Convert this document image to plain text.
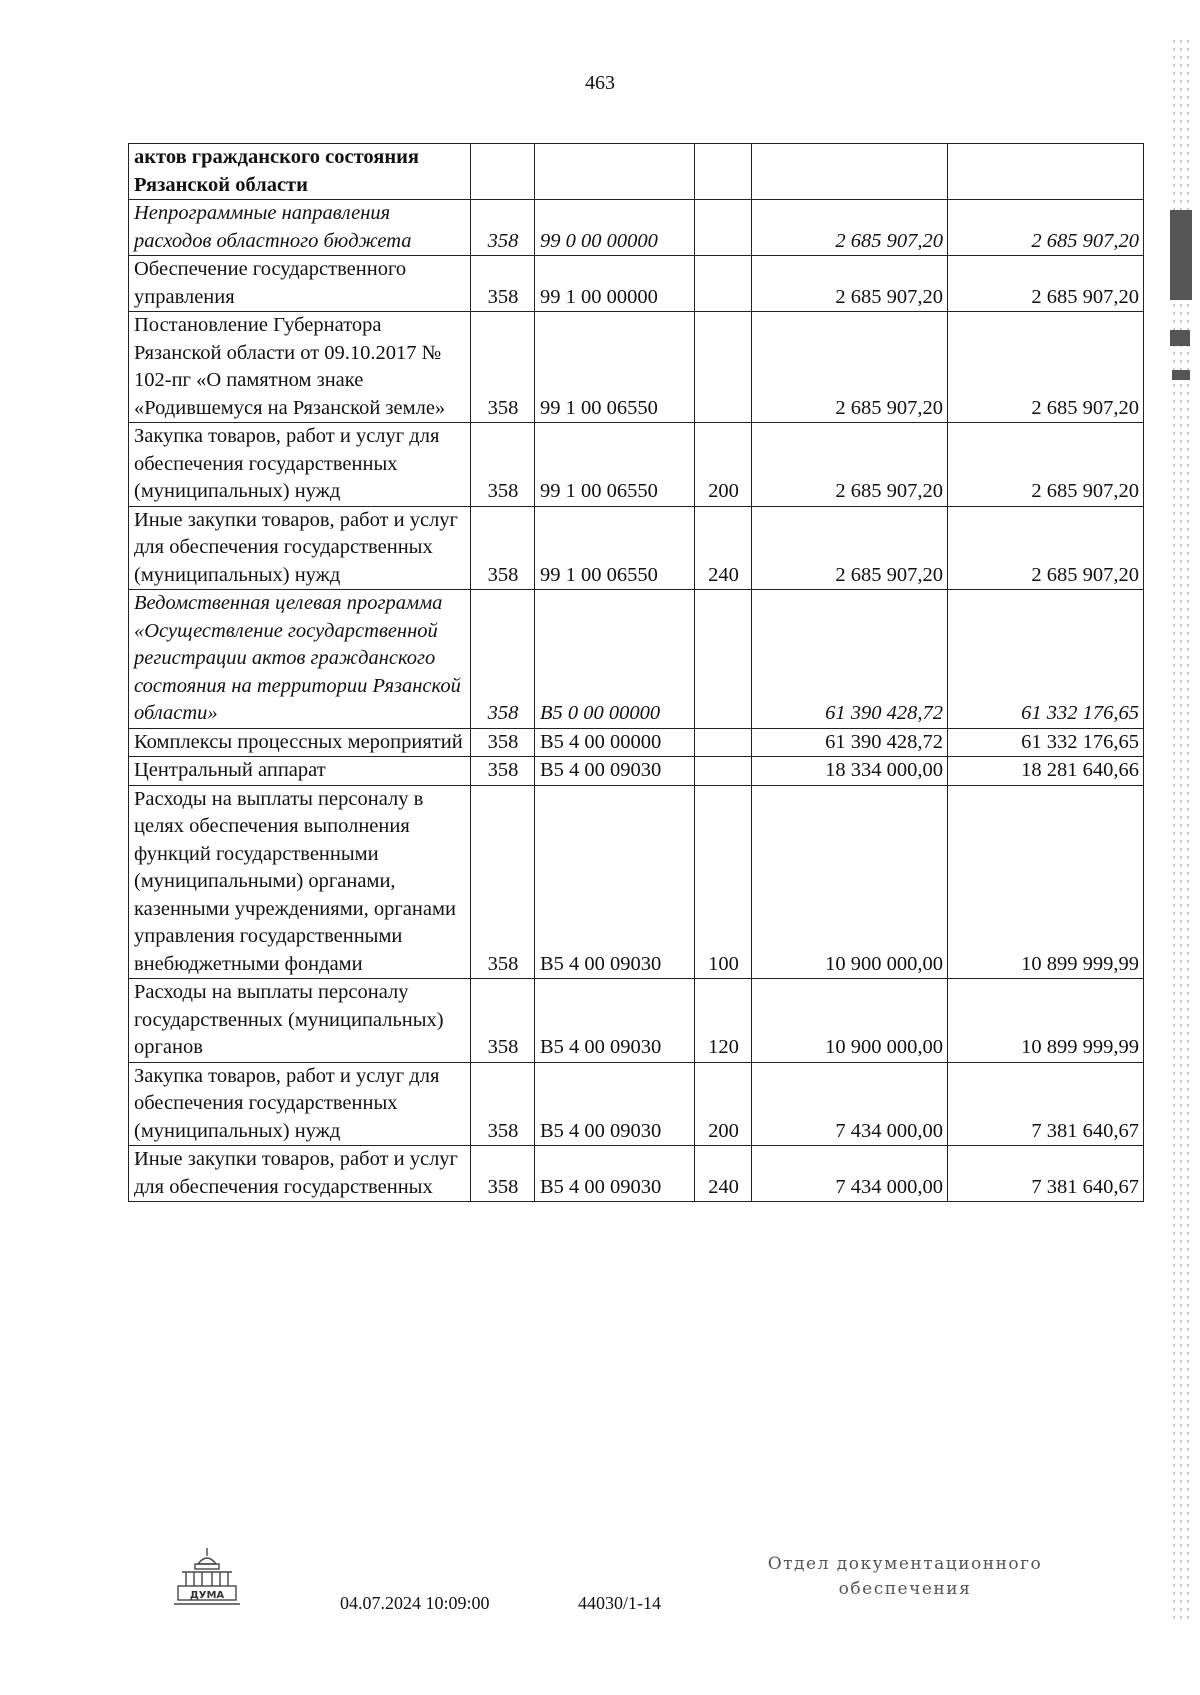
463
актов гражданского состояния Рязанской области					
Непрограммные направления расходов областного бюджета	358	99 0 00 00000		2 685 907,20	2 685 907,20
Обеспечение государственного управления	358	99 1 00 00000		2 685 907,20	2 685 907,20
Постановление Губернатора Рязанской области от 09.10.2017 № 102-пг «О памятном знаке «Родившемуся на Рязанской земле»	358	99 1 00 06550		2 685 907,20	2 685 907,20
Закупка товаров, работ и услуг для обеспечения государственных (муниципальных) нужд	358	99 1 00 06550	200	2 685 907,20	2 685 907,20
Иные закупки товаров, работ и услуг для обеспечения государственных (муниципальных) нужд	358	99 1 00 06550	240	2 685 907,20	2 685 907,20
Ведомственная целевая программа «Осуществление государственной регистрации актов гражданского состояния на территории Рязанской области»	358	B5 0 00 00000		61 390 428,72	61 332 176,65
Комплексы процессных мероприятий	358	B5 4 00 00000		61 390 428,72	61 332 176,65
Центральный аппарат	358	B5 4 00 09030		18 334 000,00	18 281 640,66
Расходы на выплаты персоналу в целях обеспечения выполнения функций государственными (муниципальными) органами, казенными учреждениями, органами управления государственными внебюджетными фондами	358	B5 4 00 09030	100	10 900 000,00	10 899 999,99
Расходы на выплаты персоналу государственных (муниципальных) органов	358	B5 4 00 09030	120	10 900 000,00	10 899 999,99
Закупка товаров, работ и услуг для обеспечения государственных (муниципальных) нужд	358	B5 4 00 09030	200	7 434 000,00	7 381 640,67
Иные закупки товаров, работ и услуг для обеспечения государственных	358	B5 4 00 09030	240	7 434 000,00	7 381 640,67
ДУМА	04.07.2024 10:09:00	44030/1-14
Отдел документационного
обеспечения
